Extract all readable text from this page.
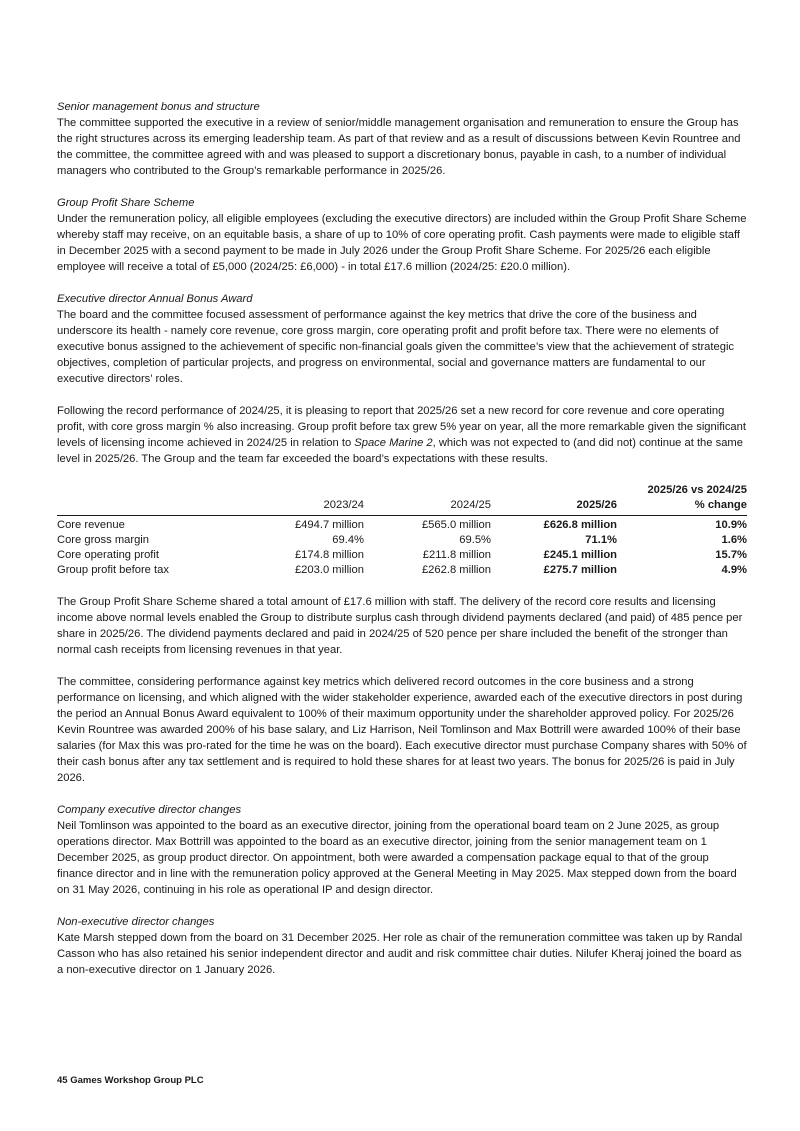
Senior management bonus and structure

The committee supported the executive in a review of senior/middle management organisation and remuneration to ensure the Group has the right structures across its emerging leadership team. As part of that review and as a result of discussions between Kevin Rountree and the committee, the committee agreed with and was pleased to support a discretionary bonus, payable in cash, to a number of individual managers who contributed to the Group’s remarkable performance in 2025/26.

Group Profit Share Scheme

Under the remuneration policy, all eligible employees (excluding the executive directors) are included within the Group Profit Share Scheme whereby staff may receive, on an equitable basis, a share of up to 10% of core operating profit. Cash payments were made to eligible staff in December 2025 with a second payment to be made in July 2026 under the Group Profit Share Scheme. For 2025/26 each eligible employee will receive a total of £5,000 (2024/25: £6,000) - in total £17.6 million (2024/25: £20.0 million).

Executive director Annual Bonus Award

The board and the committee focused assessment of performance against the key metrics that drive the core of the business and underscore its health - namely core revenue, core gross margin, core operating profit and profit before tax. There were no elements of executive bonus assigned to the achievement of specific non-financial goals given the committee’s view that the achievement of strategic objectives, completion of particular projects, and progress on environmental, social and governance matters are fundamental to our executive directors’ roles.

Following the record performance of 2024/25, it is pleasing to report that 2025/26 set a new record for core revenue and core operating profit, with core gross margin % also increasing. Group profit before tax grew 5% year on year, all the more remarkable given the significant levels of licensing income achieved in 2024/25 in relation to Space Marine 2, which was not expected to (and did not) continue at the same level in 2025/26. The Group and the team far exceeded the board’s expectations with these results.

				2025/26 vs 2024/25
	2023/24	2024/25	2025/26	% change
Core revenue	£494.7 million	£565.0 million	£626.8 million	10.9%
Core gross margin	69.4%	69.5%	71.1%	1.6%
Core operating profit	£174.8 million	£211.8 million	£245.1 million	15.7%
Group profit before tax	£203.0 million	£262.8 million	£275.7 million	4.9%

The Group Profit Share Scheme shared a total amount of £17.6 million with staff. The delivery of the record core results and licensing income above normal levels enabled the Group to distribute surplus cash through dividend payments declared (and paid) of 485 pence per share in 2025/26. The dividend payments declared and paid in 2024/25 of 520 pence per share included the benefit of the stronger than normal cash receipts from licensing revenues in that year.

The committee, considering performance against key metrics which delivered record outcomes in the core business and a strong performance on licensing, and which aligned with the wider stakeholder experience, awarded each of the executive directors in post during the period an Annual Bonus Award equivalent to 100% of their maximum opportunity under the shareholder approved policy. For 2025/26 Kevin Rountree was awarded 200% of his base salary, and Liz Harrison, Neil Tomlinson and Max Bottrill were awarded 100% of their base salaries (for Max this was pro-rated for the time he was on the board). Each executive director must purchase Company shares with 50% of their cash bonus after any tax settlement and is required to hold these shares for at least two years. The bonus for 2025/26 is paid in July 2026.

Company executive director changes

Neil Tomlinson was appointed to the board as an executive director, joining from the operational board team on 2 June 2025, as group operations director. Max Bottrill was appointed to the board as an executive director, joining from the senior management team on 1 December 2025, as group product director. On appointment, both were awarded a compensation package equal to that of the group finance director and in line with the remuneration policy approved at the General Meeting in May 2025. Max stepped down from the board on 31 May 2026, continuing in his role as operational IP and design director.

Non-executive director changes

Kate Marsh stepped down from the board on 31 December 2025. Her role as chair of the remuneration committee was taken up by Randal Casson who has also retained his senior independent director and audit and risk committee chair duties. Nilufer Kheraj joined the board as a non-executive director on 1 January 2026.

45 Games Workshop Group PLC
